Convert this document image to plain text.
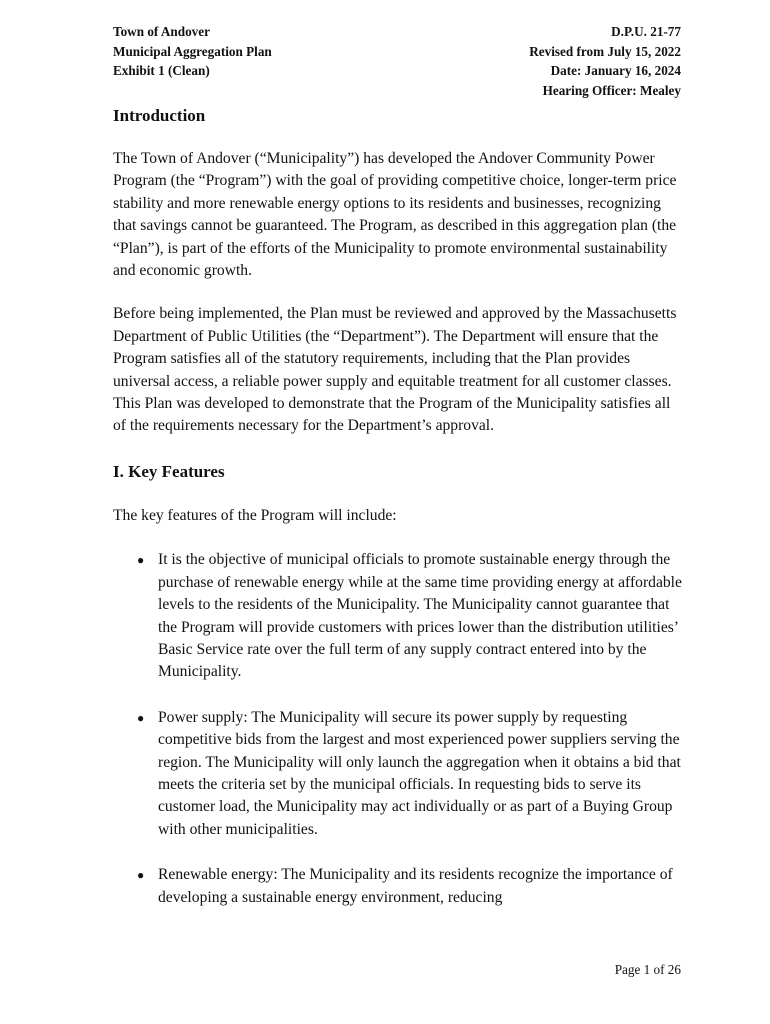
Town of Andover
Municipal Aggregation Plan
Exhibit 1 (Clean)
D.P.U. 21-77
Revised from July 15, 2022
Date: January 16, 2024
Hearing Officer: Mealey
Introduction

The Town of Andover (“Municipality”) has developed the Andover Community Power Program (the “Program”) with the goal of providing competitive choice, longer-term price stability and more renewable energy options to its residents and businesses, recognizing that savings cannot be guaranteed. The Program, as described in this aggregation plan (the “Plan”), is part of the efforts of the Municipality to promote environmental sustainability and economic growth.

Before being implemented, the Plan must be reviewed and approved by the Massachusetts Department of Public Utilities (the “Department”). The Department will ensure that the Program satisfies all of the statutory requirements, including that the Plan provides universal access, a reliable power supply and equitable treatment for all customer classes. This Plan was developed to demonstrate that the Program of the Municipality satisfies all of the requirements necessary for the Department’s approval.

I. Key Features

The key features of the Program will include:

● It is the objective of municipal officials to promote sustainable energy through the purchase of renewable energy while at the same time providing energy at affordable levels to the residents of the Municipality. The Municipality cannot guarantee that the Program will provide customers with prices lower than the distribution utilities’ Basic Service rate over the full term of any supply contract entered into by the Municipality.
● Power supply: The Municipality will secure its power supply by requesting competitive bids from the largest and most experienced power suppliers serving the region. The Municipality will only launch the aggregation when it obtains a bid that meets the criteria set by the municipal officials. In requesting bids to serve its customer load, the Municipality may act individually or as part of a Buying Group with other municipalities.
● Renewable energy: The Municipality and its residents recognize the importance of developing a sustainable energy environment, reducing
Page 1 of 26
